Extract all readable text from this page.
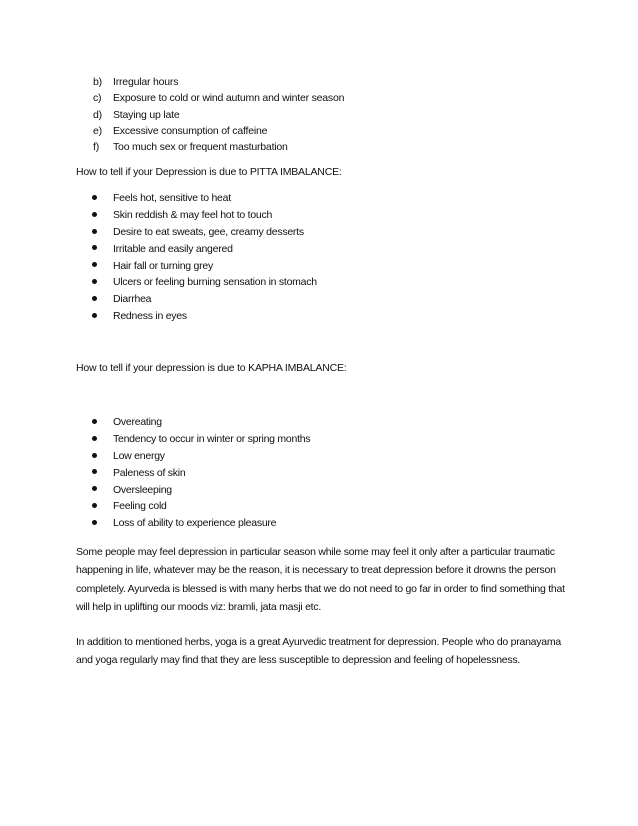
b) Irregular hours
c) Exposure to cold or wind autumn and winter season
d) Staying up late
e) Excessive consumption of caffeine
f) Too much sex or frequent masturbation
How to tell if your Depression is due to PITTA IMBALANCE:
Feels hot, sensitive to heat
Skin reddish & may feel hot to touch
Desire to eat sweats, gee, creamy desserts
Irritable and easily angered
Hair fall or turning grey
Ulcers or feeling burning sensation in stomach
Diarrhea
Redness in eyes
How to tell if your depression is due to KAPHA IMBALANCE:
Overeating
Tendency to occur in winter or spring months
Low energy
Paleness of skin
Oversleeping
Feeling cold
Loss of ability to experience pleasure

Some people may feel depression in particular season while some may feel it only after a particular traumatic happening in life, whatever may be the reason, it is necessary to treat depression before it drowns the person completely. Ayurveda is blessed is with many herbs that we do not need to go far in order to find something that will help in uplifting our moods viz: bramli, jata masji etc.

In addition to mentioned herbs, yoga is a great Ayurvedic treatment for depression. People who do pranayama and yoga regularly may find that they are less susceptible to depression and feeling of hopelessness.
